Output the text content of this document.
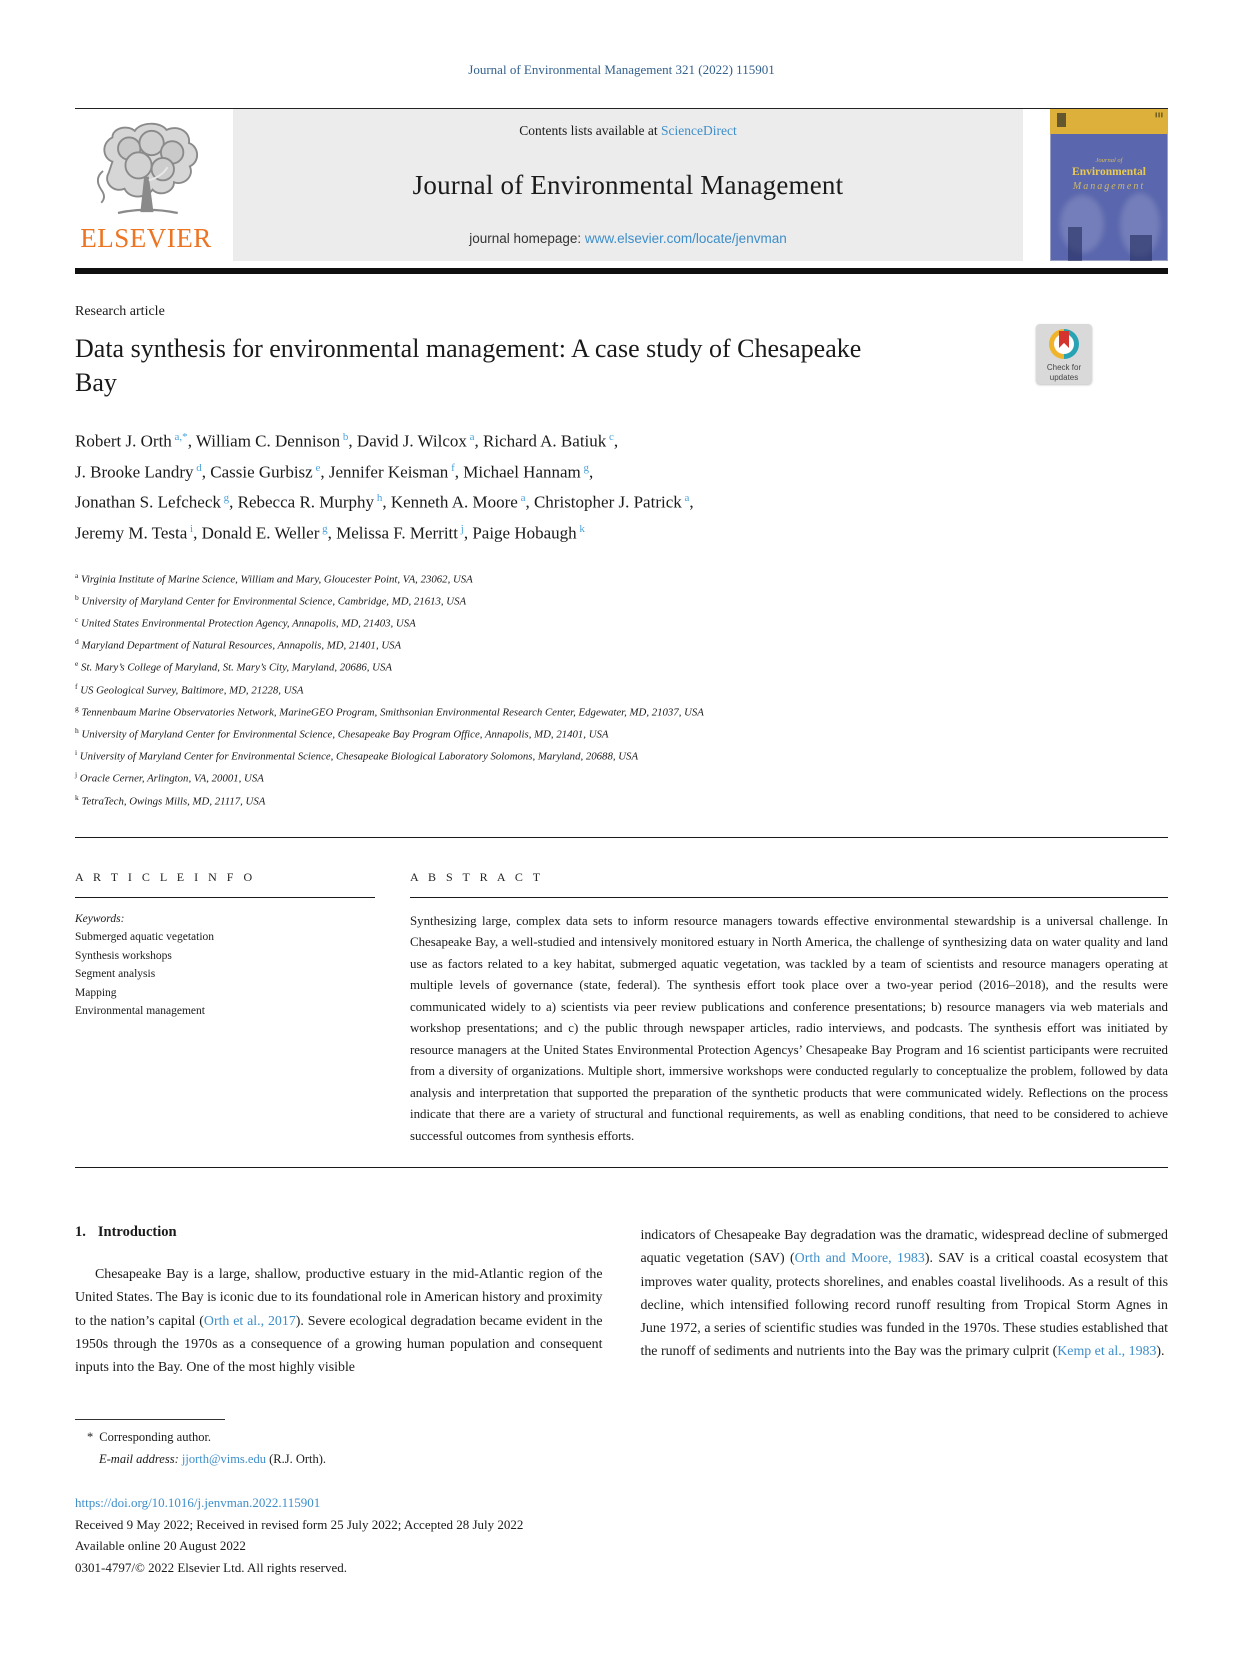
Journal of Environmental Management 321 (2022) 115901
ELSEVIER
Contents lists available at ScienceDirect
Journal of Environmental Management
journal homepage: www.elsevier.com/locate/jenvman
▌▌▌
Journal of
Environmental
Management
Check for
updates
Research article
Data synthesis for environmental management: A case study of Chesapeake Bay
Robert J. Orth $^{a,*}$, William C. Dennison $^b$, David J. Wilcox $^a$, Richard A. Batiuk $^c$,
J. Brooke Landry $^d$, Cassie Gurbisz $^e$, Jennifer Keisman $^f$, Michael Hannam $^g$,
Jonathan S. Lefcheck $^g$, Rebecca R. Murphy $^h$, Kenneth A. Moore $^a$, Christopher J. Patrick $^a$,
Jeremy M. Testa $^i$, Donald E. Weller $^g$, Melissa F. Merritt $^j$, Paige Hobaugh $^k$
$^a$ Virginia Institute of Marine Science, William and Mary, Gloucester Point, VA, 23062, USA
$^b$ University of Maryland Center for Environmental Science, Cambridge, MD, 21613, USA
$^c$ United States Environmental Protection Agency, Annapolis, MD, 21403, USA
$^d$ Maryland Department of Natural Resources, Annapolis, MD, 21401, USA
$^e$ St. Mary’s College of Maryland, St. Mary’s City, Maryland, 20686, USA
$^f$ US Geological Survey, Baltimore, MD, 21228, USA
$^g$ Tennenbaum Marine Observatories Network, MarineGEO Program, Smithsonian Environmental Research Center, Edgewater, MD, 21037, USA
$^h$ University of Maryland Center for Environmental Science, Chesapeake Bay Program Office, Annapolis, MD, 21401, USA
$^i$ University of Maryland Center for Environmental Science, Chesapeake Biological Laboratory Solomons, Maryland, 20688, USA
$^j$ Oracle Cerner, Arlington, VA, 20001, USA
$^k$ TetraTech, Owings Mills, MD, 21117, USA
A R T I C L E I N F O
Keywords:
Submerged aquatic vegetation
Synthesis workshops
Segment analysis
Mapping
Environmental management
A B S T R A C T
Synthesizing large, complex data sets to inform resource managers towards effective environmental stewardship is a universal challenge. In Chesapeake Bay, a well-studied and intensively monitored estuary in North America, the challenge of synthesizing data on water quality and land use as factors related to a key habitat, submerged aquatic vegetation, was tackled by a team of scientists and resource managers operating at multiple levels of governance (state, federal). The synthesis effort took place over a two-year period (2016–2018), and the results were communicated widely to a) scientists via peer review publications and conference presentations; b) resource managers via web materials and workshop presentations; and c) the public through newspaper articles, radio interviews, and podcasts. The synthesis effort was initiated by resource managers at the United States Environmental Protection Agencys’ Chesapeake Bay Program and 16 scientist participants were recruited from a diversity of organizations. Multiple short, immersive workshops were conducted regularly to conceptualize the problem, followed by data analysis and interpretation that supported the preparation of the synthetic products that were communicated widely. Reflections on the process indicate that there are a variety of structural and functional requirements, as well as enabling conditions, that need to be considered to achieve successful outcomes from synthesis efforts.
1. Introduction
Chesapeake Bay is a large, shallow, productive estuary in the mid-Atlantic region of the United States. The Bay is iconic due to its foundational role in American history and proximity to the nation’s capital (Orth et al., 2017). Severe ecological degradation became evident in the 1950s through the 1970s as a consequence of a growing human population and consequent inputs into the Bay. One of the most highly visible
indicators of Chesapeake Bay degradation was the dramatic, widespread decline of submerged aquatic vegetation (SAV) (Orth and Moore, 1983). SAV is a critical coastal ecosystem that improves water quality, protects shorelines, and enables coastal livelihoods. As a result of this decline, which intensified following record runoff resulting from Tropical Storm Agnes in June 1972, a series of scientific studies was funded in the 1970s. These studies established that the runoff of sediments and nutrients into the Bay was the primary culprit (Kemp et al., 1983).
* Corresponding author.
E-mail address: jjorth@vims.edu (R.J. Orth).
https://doi.org/10.1016/j.jenvman.2022.115901
Received 9 May 2022; Received in revised form 25 July 2022; Accepted 28 July 2022
Available online 20 August 2022
0301-4797/© 2022 Elsevier Ltd. All rights reserved.
